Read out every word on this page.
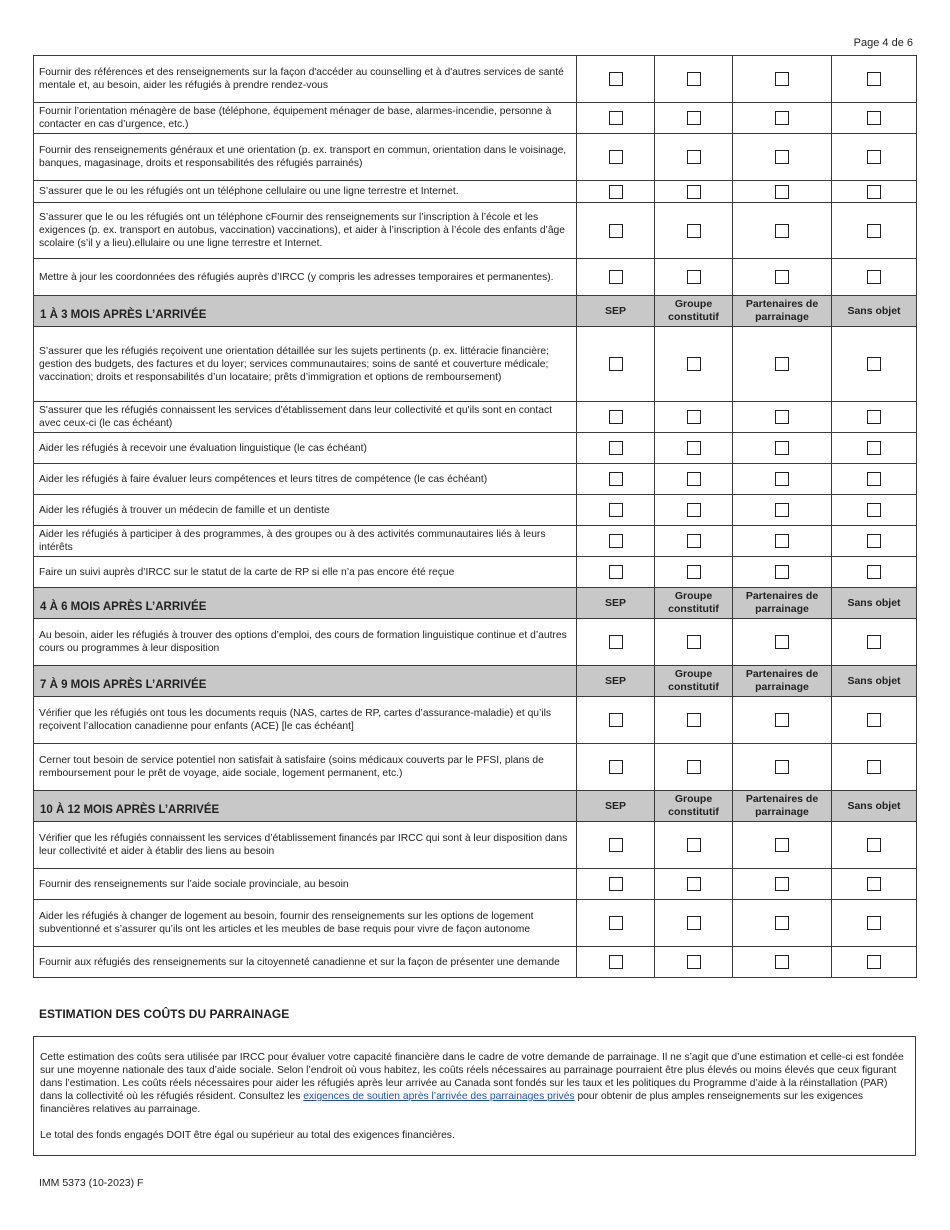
Page 4 de 6
Fournir des références et des renseignements sur la façon d'accéder au counselling et à d'autres services de santé mentale et, au besoin, aider les réfugiés à prendre rendez-vous				
Fournir l’orientation ménagère de base (téléphone, équipement ménager de base, alarmes-incendie, personne à contacter en cas d’urgence, etc.)				
Fournir des renseignements généraux et une orientation (p. ex. transport en commun, orientation dans le voisinage, banques, magasinage, droits et responsabilités des réfugiés parrainés)				
S’assurer que le ou les réfugiés ont un téléphone cellulaire ou une ligne terrestre et Internet.				
S’assurer que le ou les réfugiés ont un téléphone cFournir des renseignements sur l’inscription à l’école et les exigences (p. ex. transport en autobus, vaccination) vaccinations), et aider à l’inscription à l’école des enfants d’âge scolaire (s’il y a lieu).ellulaire ou une ligne terrestre et Internet.				
Mettre à jour les coordonnées des réfugiés auprès d’IRCC (y compris les adresses temporaires et permanentes).				
1 À 3 MOIS APRÈS L’ARRIVÉE	SEP	Groupe constitutif	Partenaires de parrainage	Sans objet
S’assurer que les réfugiés reçoivent une orientation détaillée sur les sujets pertinents (p. ex. littéracie financière; gestion des budgets, des factures et du loyer; services communautaires; soins de santé et couverture médicale; vaccination; droits et responsabilités d’un locataire; prêts d’immigration et options de remboursement)				
S'assurer que les réfugiés connaissent les services d'établissement dans leur collectivité et qu'ils sont en contact avec ceux-ci (le cas échéant)				
Aider les réfugiés à recevoir une évaluation linguistique (le cas échéant)				
Aider les réfugiés à faire évaluer leurs compétences et leurs titres de compétence (le cas échéant)				
Aider les réfugiés à trouver un médecin de famille et un dentiste				
Aider les réfugiés à participer à des programmes, à des groupes ou à des activités communautaires liés à leurs intérêts				
Faire un suivi auprès d’IRCC sur le statut de la carte de RP si elle n’a pas encore été reçue				
4 À 6 MOIS APRÈS L’ARRIVÉE	SEP	Groupe constitutif	Partenaires de parrainage	Sans objet
Au besoin, aider les réfugiés à trouver des options d’emploi, des cours de formation linguistique continue et d’autres cours ou programmes à leur disposition				
7 À 9 MOIS APRÈS L’ARRIVÉE	SEP	Groupe constitutif	Partenaires de parrainage	Sans objet
Vérifier que les réfugiés ont tous les documents requis (NAS, cartes de RP, cartes d’assurance-maladie) et qu’ils reçoivent l’allocation canadienne pour enfants (ACE) [le cas échéant]				
Cerner tout besoin de service potentiel non satisfait à satisfaire (soins médicaux couverts par le PFSI, plans de remboursement pour le prêt de voyage, aide sociale, logement permanent, etc.)				
10 À 12 MOIS APRÈS L’ARRIVÉE	SEP	Groupe constitutif	Partenaires de parrainage	Sans objet
Vérifier que les réfugiés connaissent les services d’établissement financés par IRCC qui sont à leur disposition dans leur collectivité et aider à établir des liens au besoin				
Fournir des renseignements sur l’aide sociale provinciale, au besoin				
Aider les réfugiés à changer de logement au besoin, fournir des renseignements sur les options de logement subventionné et s’assurer qu’ils ont les articles et les meubles de base requis pour vivre de façon autonome				
Fournir aux réfugiés des renseignements sur la citoyenneté canadienne et sur la façon de présenter une demande				
ESTIMATION DES COÛTS DU PARRAINAGE

Cette estimation des coûts sera utilisée par IRCC pour évaluer votre capacité financière dans le cadre de votre demande de parrainage. Il ne s’agit que d’une estimation et celle-ci est fondée sur une moyenne nationale des taux d’aide sociale. Selon l’endroit où vous habitez, les coûts réels nécessaires au parrainage pourraient être plus élevés ou moins élevés que ceux figurant dans l’estimation. Les coûts réels nécessaires pour aider les réfugiés après leur arrivée au Canada sont fondés sur les taux et les politiques du Programme d’aide à la réinstallation (PAR) dans la collectivité où les réfugiés résident. Consultez les exigences de soutien après l’arrivée des parrainages privés pour obtenir de plus amples renseignements sur les exigences financières relatives au parrainage.

Le total des fonds engagés DOIT être égal ou supérieur au total des exigences financières.

IMM 5373 (10-2023) F
